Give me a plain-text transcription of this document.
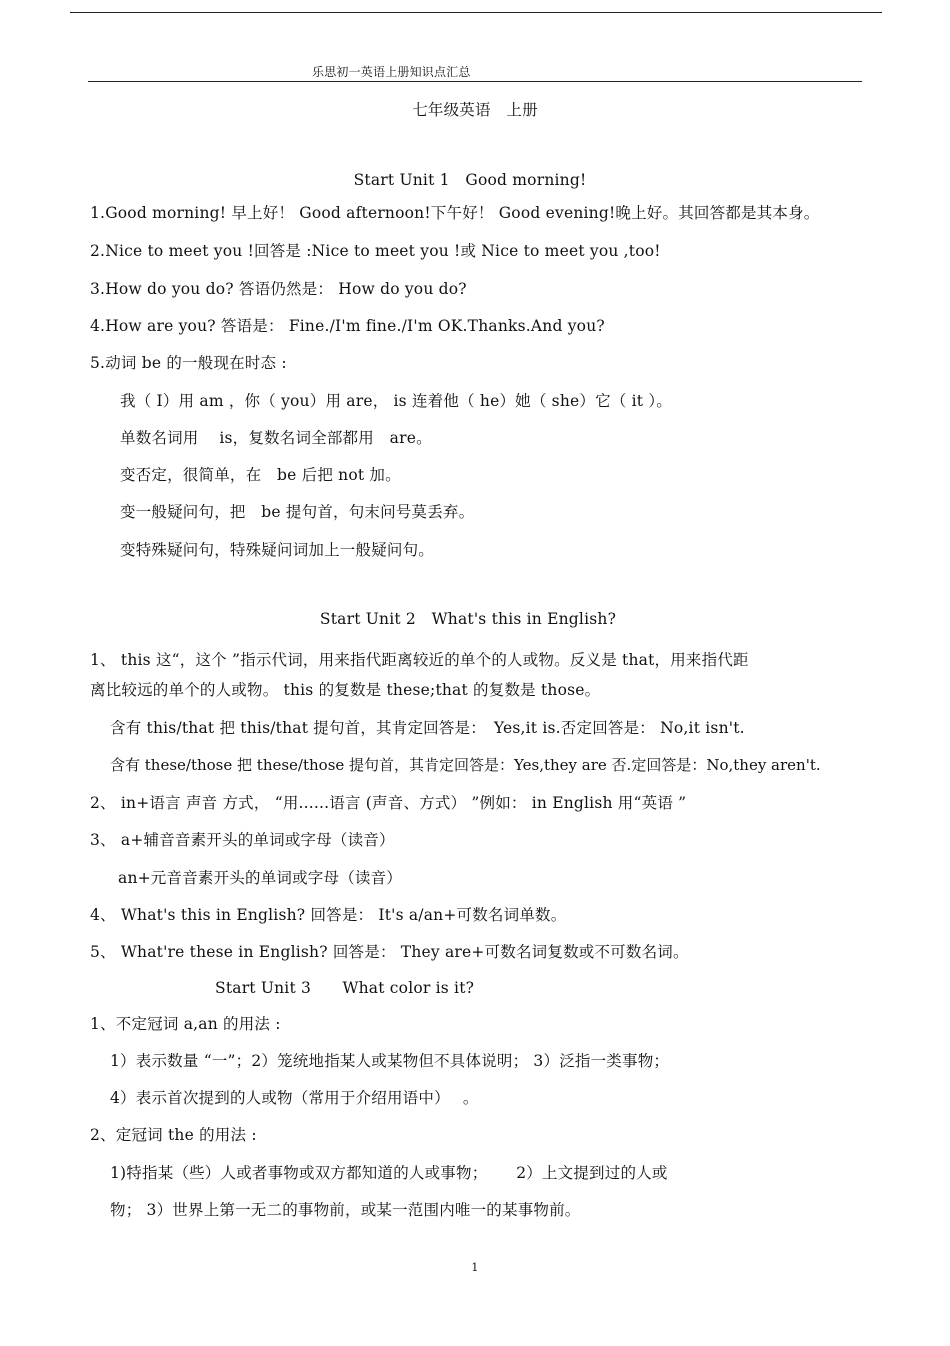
乐思初一英语上册知识点汇总
七年级英语　上册
Start Unit 1　Good morning!
1.Good morning! 早上好！ Good afternoon!下午好！ Good evening!晚上好。其回答都是其本身。
2.Nice to meet you !回答是 :Nice to meet you !或 Nice to meet you ,too!
3.How do you do? 答语仍然是： How do you do?
4.How are you? 答语是： Fine./I'm fine./I'm OK.Thanks.And you?
5.动词 be 的一般现在时态 :
我（ I）用 am ，你（ you）用 are， is 连着他（ he）她（ she）它（ it ）。
单数名词用　 is，复数名词全部都用　are。
变否定，很简单，在　be 后把 not 加。
变一般疑问句，把　be 提句首，句末问号莫丢弃。
变特殊疑问句，特殊疑问词加上一般疑问句。
Start Unit 2　What's this in English?
1、 this 这“，这个 ”指示代词，用来指代距离较近的单个的人或物。反义是 that，用来指代距
离比较远的单个的人或物。 this 的复数是 these;that 的复数是 those。
含有 this/that 把 this/that 提句首，其肯定回答是：　Yes,it is.否定回答是： No,it isn't.
含有 these/those 把 these/those 提句首，其肯定回答是：Yes,they are 否.定回答是：No,they aren't.
2、 in+语言 声音 方式， “用......语言 (声音、方式） ”例如： in English 用“英语 ”
3、 a+辅音音素开头的单词或字母（读音）
an+元音音素开头的单词或字母（读音）
4、 What's this in English? 回答是： It's a/an+可数名词单数。
5、 What're these in English? 回答是： They are+可数名词复数或不可数名词。
Start Unit 3　　What color is it?
1、不定冠词 a,an 的用法 :
1）表示数量 “一”；2）笼统地指某人或某物但不具体说明； 3）泛指一类事物；
4）表示首次提到的人或物（常用于介绍用语中）　 。
2、定冠词 the 的用法 :
1)特指某（些）人或者事物或双方都知道的人或事物；　　 2）上文提到过的人或
物； 3）世界上第一无二的事物前，或某一范围内唯一的某事物前。
1
